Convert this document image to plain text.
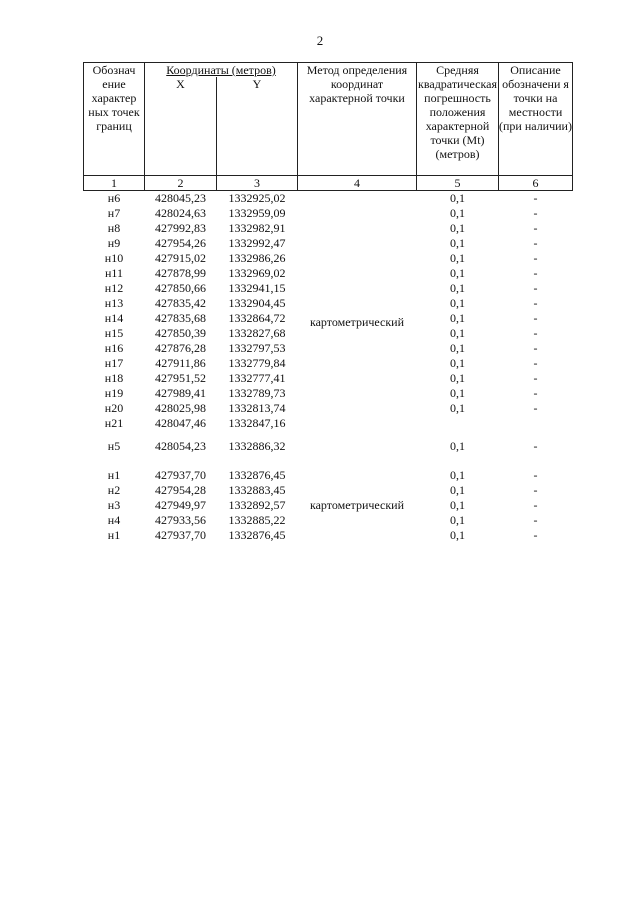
2
Обознач ение характер ных точек границ	Координаты (метров)		Метод определения координат характерной точки	Средняя квадратическая погрешность положения характерной точки (Mt) (метров)	Описание обозначени я точки на местности (при наличии)
	X	Y			
1	2	3	4	5	6
н6	428045,23	1332925,02	картометрический	0,1	-
н7	428024,63	1332959,09		0,1	-
н8	427992,83	1332982,91		0,1	-
н9	427954,26	1332992,47		0,1	-
н10	427915,02	1332986,26		0,1	-
н11	427878,99	1332969,02		0,1	-
н12	427850,66	1332941,15		0,1	-
н13	427835,42	1332904,45		0,1	-
н14	427835,68	1332864,72		0,1	-
н15	427850,39	1332827,68		0,1	-
н16	427876,28	1332797,53		0,1	-
н17	427911,86	1332779,84		0,1	-
н18	427951,52	1332777,41		0,1	-
н19	427989,41	1332789,73		0,1	-
н20	428025,98	1332813,74		0,1	-
н21	428047,46	1332847,16			
н5	428054,23	1332886,32		0,1	-

н1	427937,70	1332876,45	картометрический	0,1	-
н2	427954,28	1332883,45		0,1	-
н3	427949,97	1332892,57		0,1	-
н4	427933,56	1332885,22		0,1	-
н1	427937,70	1332876,45		0,1	-
